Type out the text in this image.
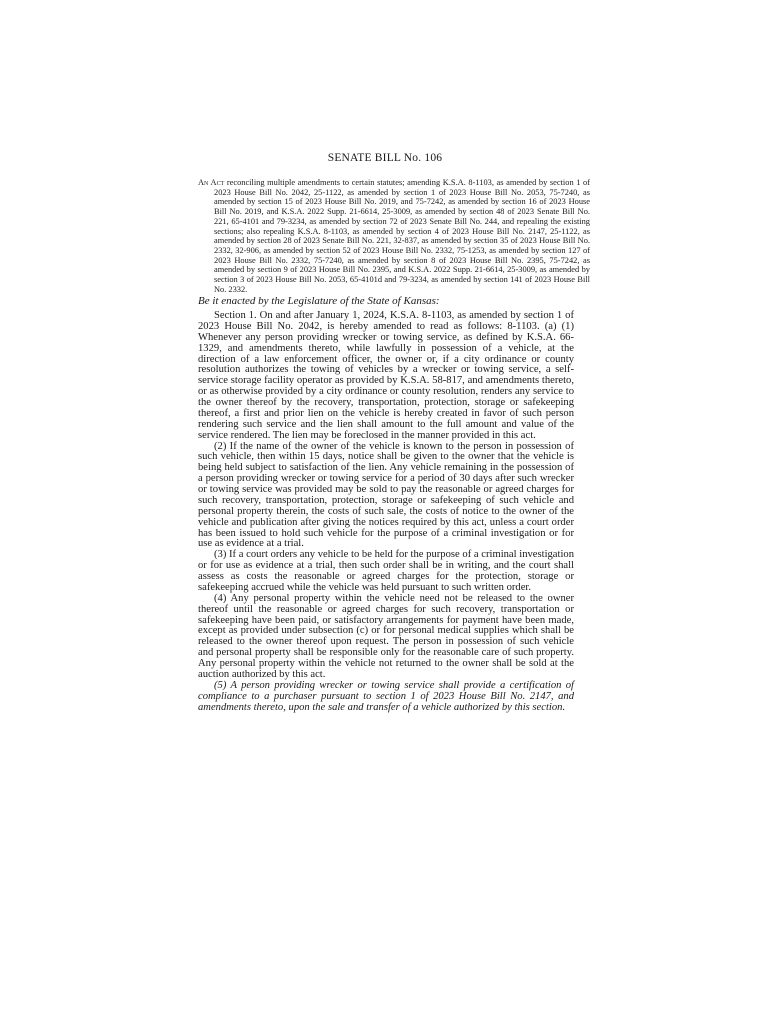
SENATE BILL No. 106
An Act reconciling multiple amendments to certain statutes; amending K.S.A. 8-1103, as amended by section 1 of 2023 House Bill No. 2042, 25-1122, as amended by section 1 of 2023 House Bill No. 2053, 75-7240, as amended by section 15 of 2023 House Bill No. 2019, and 75-7242, as amended by section 16 of 2023 House Bill No. 2019, and K.S.A. 2022 Supp. 21-6614, 25-3009, as amended by section 48 of 2023 Senate Bill No. 221, 65-4101 and 79-3234, as amended by section 72 of 2023 Senate Bill No. 244, and repealing the existing sections; also repealing K.S.A. 8-1103, as amended by section 4 of 2023 House Bill No. 2147, 25-1122, as amended by section 28 of 2023 Senate Bill No. 221, 32-837, as amended by section 35 of 2023 House Bill No. 2332, 32-906, as amended by section 52 of 2023 House Bill No. 2332, 75-1253, as amended by section 127 of 2023 House Bill No. 2332, 75-7240, as amended by section 8 of 2023 House Bill No. 2395, 75-7242, as amended by section 9 of 2023 House Bill No. 2395, and K.S.A. 2022 Supp. 21-6614, 25-3009, as amended by section 3 of 2023 House Bill No. 2053, 65-4101d and 79-3234, as amended by section 141 of 2023 House Bill No. 2332.
Be it enacted by the Legislature of the State of Kansas:

Section 1. On and after January 1, 2024, K.S.A. 8-1103, as amended by section 1 of 2023 House Bill No. 2042, is hereby amended to read as follows: 8-1103. (a) (1) Whenever any person providing wrecker or towing service, as defined by K.S.A. 66-1329, and amendments thereto, while lawfully in possession of a vehicle, at the direction of a law enforcement officer, the owner or, if a city ordinance or county resolution authorizes the towing of vehicles by a wrecker or towing service, a self-service storage facility operator as provided by K.S.A. 58-817, and amendments thereto, or as otherwise provided by a city ordinance or county resolution, renders any service to the owner thereof by the recovery, transportation, protection, storage or safekeeping thereof, a first and prior lien on the vehicle is hereby created in favor of such person rendering such service and the lien shall amount to the full amount and value of the service rendered. The lien may be foreclosed in the manner provided in this act.

(2) If the name of the owner of the vehicle is known to the person in possession of such vehicle, then within 15 days, notice shall be given to the owner that the vehicle is being held subject to satisfaction of the lien. Any vehicle remaining in the possession of a person providing wrecker or towing service for a period of 30 days after such wrecker or towing service was provided may be sold to pay the reasonable or agreed charges for such recovery, transportation, protection, storage or safekeeping of such vehicle and personal property therein, the costs of such sale, the costs of notice to the owner of the vehicle and publication after giving the notices required by this act, unless a court order has been issued to hold such vehicle for the purpose of a criminal investigation or for use as evidence at a trial.

(3) If a court orders any vehicle to be held for the purpose of a criminal investigation or for use as evidence at a trial, then such order shall be in writing, and the court shall assess as costs the reasonable or agreed charges for the protection, storage or safekeeping accrued while the vehicle was held pursuant to such written order.

(4) Any personal property within the vehicle need not be released to the owner thereof until the reasonable or agreed charges for such recovery, transportation or safekeeping have been paid, or satisfactory arrangements for payment have been made, except as provided under subsection (c) or for personal medical supplies which shall be released to the owner thereof upon request. The person in possession of such vehicle and personal property shall be responsible only for the reasonable care of such property. Any personal property within the vehicle not returned to the owner shall be sold at the auction authorized by this act.

(5) A person providing wrecker or towing service shall provide a certification of compliance to a purchaser pursuant to section 1 of 2023 House Bill No. 2147, and amendments thereto, upon the sale and transfer of a vehicle authorized by this section.
